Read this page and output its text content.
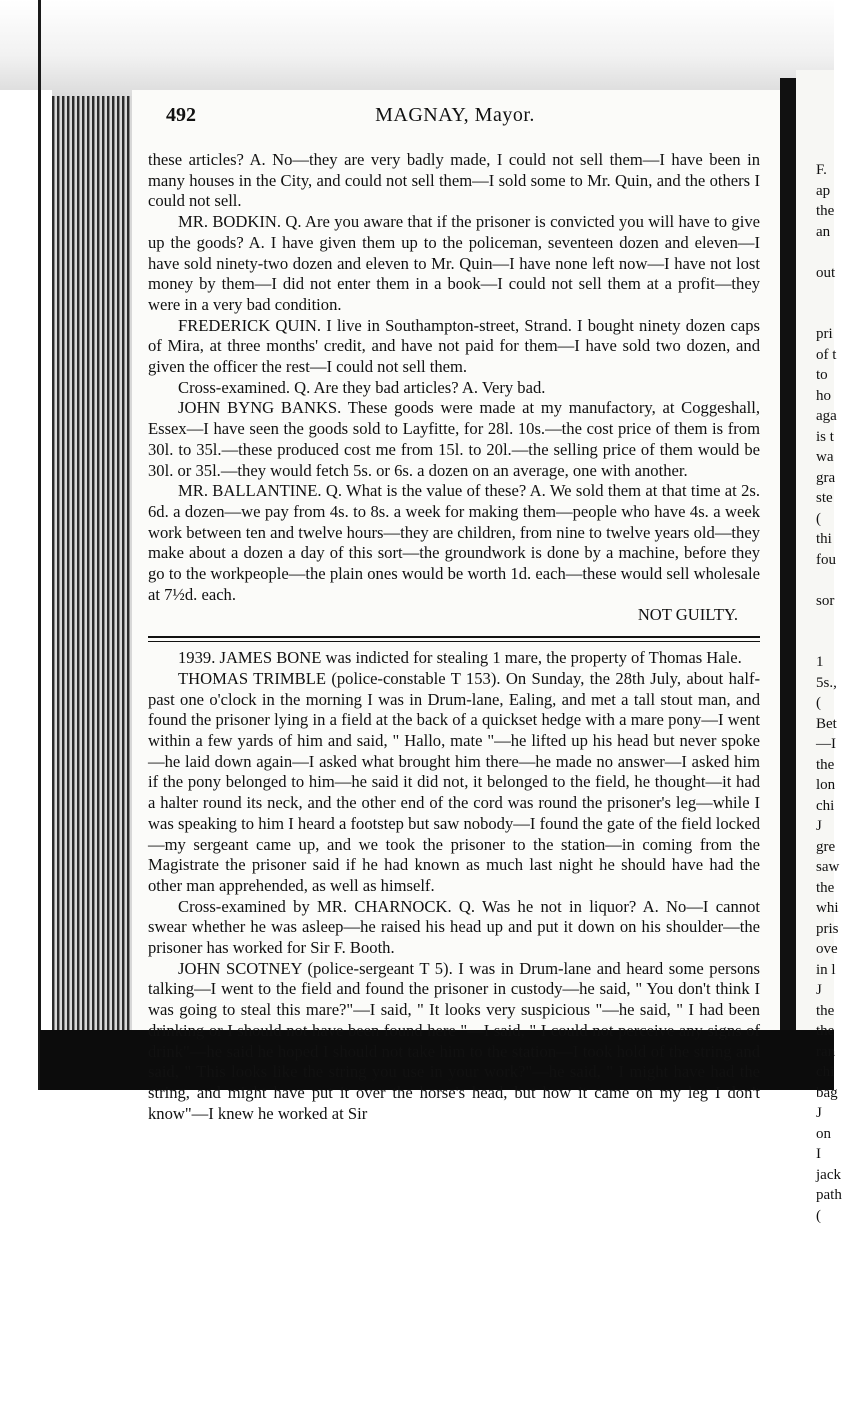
492	MAGNAY, Mayor.

these articles? A. No—they are very badly made, I could not sell them—I have been in many houses in the City, and could not sell them—I sold some to Mr. Quin, and the others I could not sell.

MR. BODKIN. Q. Are you aware that if the prisoner is convicted you will have to give up the goods? A. I have given them up to the policeman, seventeen dozen and eleven—I have sold ninety-two dozen and eleven to Mr. Quin—I have none left now—I have not lost money by them—I did not enter them in a book—I could not sell them at a profit—they were in a very bad condition.

FREDERICK QUIN. I live in Southampton-street, Strand. I bought ninety dozen caps of Mira, at three months' credit, and have not paid for them—I have sold two dozen, and given the officer the rest—I could not sell them.

Cross-examined. Q. Are they bad articles? A. Very bad.

JOHN BYNG BANKS. These goods were made at my manufactory, at Coggeshall, Essex—I have seen the goods sold to Layfitte, for 28l. 10s.—the cost price of them is from 30l. to 35l.—these produced cost me from 15l. to 20l.—the selling price of them would be 30l. or 35l.—they would fetch 5s. or 6s. a dozen on an average, one with another.

MR. BALLANTINE. Q. What is the value of these? A. We sold them at that time at 2s. 6d. a dozen—we pay from 4s. to 8s. a week for making them—people who have 4s. a week work between ten and twelve hours—they are children, from nine to twelve years old—they make about a dozen a day of this sort—the groundwork is done by a machine, before they go to the workpeople—the plain ones would be worth 1d. each—these would sell wholesale at 7½d. each.

NOT GUILTY.

1939. JAMES BONE was indicted for stealing 1 mare, the property of Thomas Hale.

THOMAS TRIMBLE (police-constable T 153). On Sunday, the 28th July, about half-past one o'clock in the morning I was in Drum-lane, Ealing, and met a tall stout man, and found the prisoner lying in a field at the back of a quickset hedge with a mare pony—I went within a few yards of him and said, " Hallo, mate "—he lifted up his head but never spoke—he laid down again—I asked what brought him there—he made no answer—I asked him if the pony belonged to him—he said it did not, it belonged to the field, he thought—it had a halter round its neck, and the other end of the cord was round the prisoner's leg—while I was speaking to him I heard a footstep but saw nobody—I found the gate of the field locked—my sergeant came up, and we took the prisoner to the station—in coming from the Magistrate the prisoner said if he had known as much last night he should have had the other man apprehended, as well as himself.

Cross-examined by MR. CHARNOCK. Q. Was he not in liquor? A. No—I cannot swear whether he was asleep—he raised his head up and put it down on his shoulder—the prisoner has worked for Sir F. Booth.

JOHN SCOTNEY (police-sergeant T 5). I was in Drum-lane and heard some persons talking—I went to the field and found the prisoner in custody—he said, " You don't think I was going to steal this mare?"—I said, " It looks very suspicious "—he said, " I had been drinking or I should not have been found here "—I said, " I could not perceive any signs of drink"—he said he hoped I should not take him to the station—I took hold of the string and said, " This looks like the string you use in your work?"—he said, " I might have had the string, and might have put it over the horse's head, but how it came on my leg I don't know"—I knew he worked at Sir

F.
ap
the
an
out
pri
of t
to
ho
aga
is t
wa
gra
ste
(
thi
fou
sor
1
5s.,
(
Bet
—I
the
lon
chi
J
gre
saw
the
whi
pris
ove
in l
J
the
the
ran
chi
bag
J
on
I
jack
path
(
